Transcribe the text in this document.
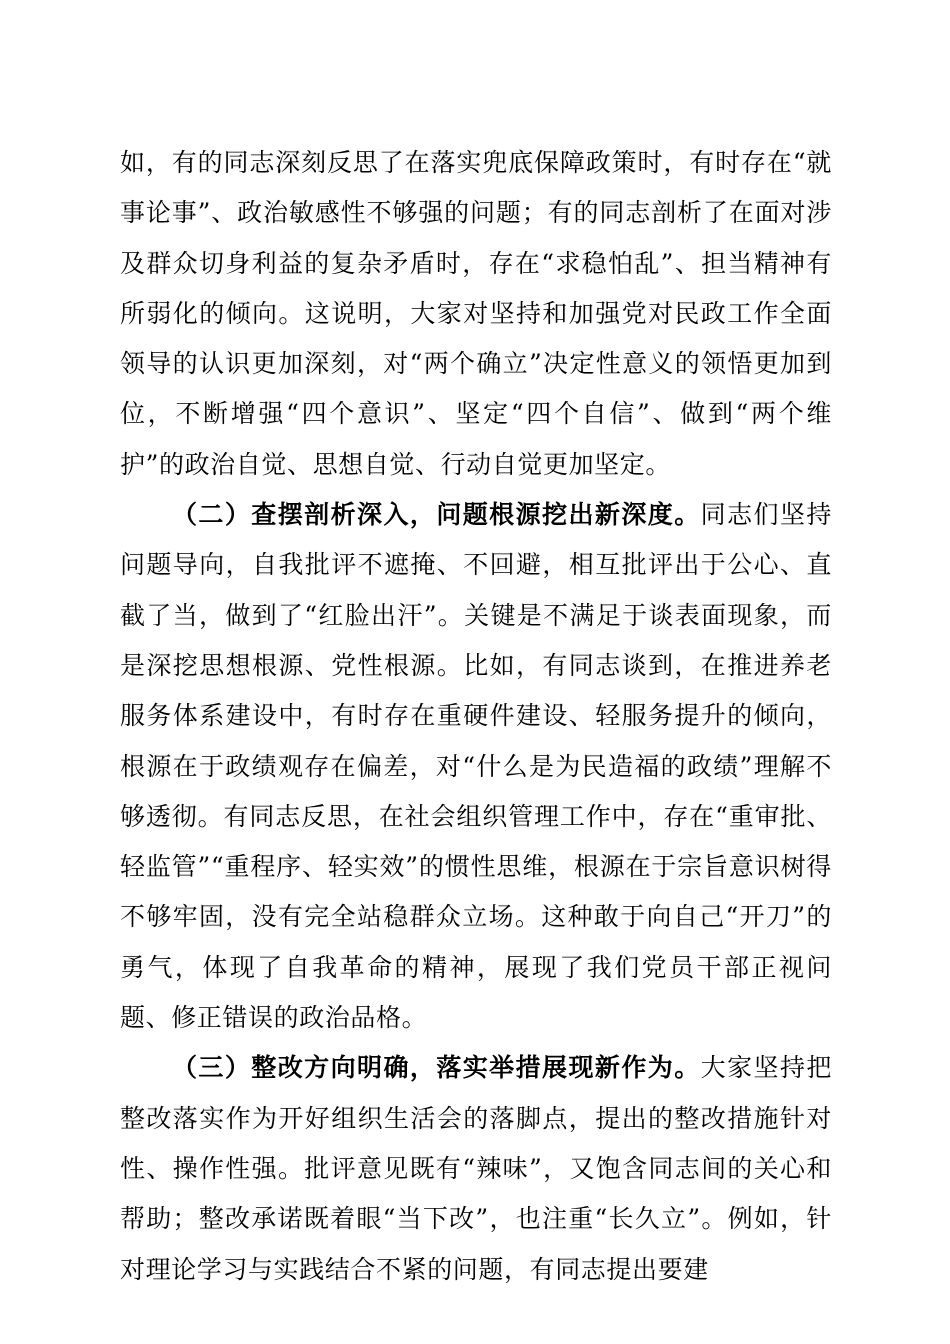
如，有的同志深刻反思了在落实兜底保障政策时，有时存在“就事论事”、政治敏感性不够强的问题；有的同志剖析了在面对涉及群众切身利益的复杂矛盾时，存在“求稳怕乱”、担当精神有所弱化的倾向。这说明，大家对坚持和加强党对民政工作全面领导的认识更加深刻，对“两个确立”决定性意义的领悟更加到位，不断增强“四个意识”、坚定“四个自信”、做到“两个维护”的政治自觉、思想自觉、行动自觉更加坚定。

（二）查摆剖析深入，问题根源挖出新深度。同志们坚持问题导向，自我批评不遮掩、不回避，相互批评出于公心、直截了当，做到了“红脸出汗”。关键是不满足于谈表面现象，而是深挖思想根源、党性根源。比如，有同志谈到，在推进养老服务体系建设中，有时存在重硬件建设、轻服务提升的倾向，根源在于政绩观存在偏差，对“什么是为民造福的政绩”理解不够透彻。有同志反思，在社会组织管理工作中，存在“重审批、轻监管”“重程序、轻实效”的惯性思维，根源在于宗旨意识树得不够牢固，没有完全站稳群众立场。这种敢于向自己“开刀”的勇气，体现了自我革命的精神，展现了我们党员干部正视问题、修正错误的政治品格。

（三）整改方向明确，落实举措展现新作为。大家坚持把整改落实作为开好组织生活会的落脚点，提出的整改措施针对性、操作性强。批评意见既有“辣味”，又饱含同志间的关心和帮助；整改承诺既着眼“当下改”，也注重“长久立”。例如，针对理论学习与实践结合不紧的问题，有同志提出要建
